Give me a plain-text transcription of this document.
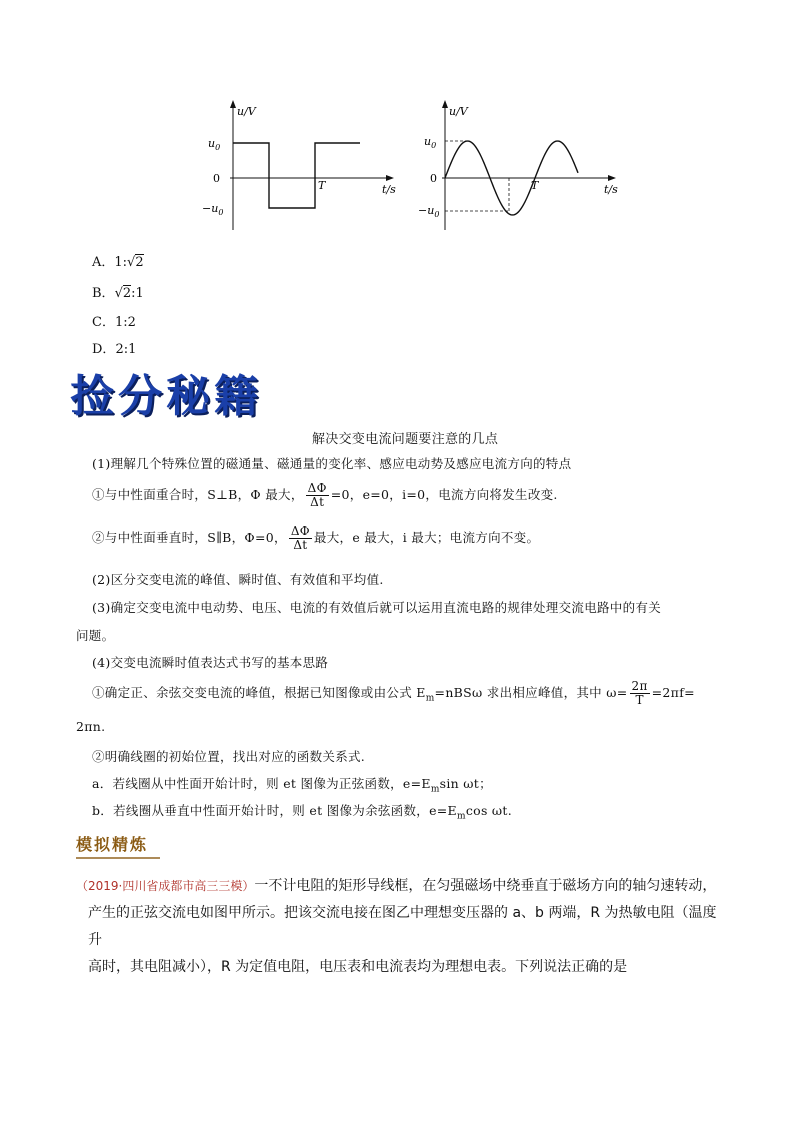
u/V
t/s
$u_0$
0
$-u_0$
T
u/V
t/s
$u_0$
0
$-u_0$
T
A．1:√2
B．√2:1
C．1:2
D．2:1
捡分秘籍
解决交变电流问题要注意的几点
(1)理解几个特殊位置的磁通量、磁通量的变化率、感应电动势及感应电流方向的特点
①与中性面重合时，S⊥B，Φ 最大， $\frac{\Delta\Phi}{\Delta t} =0$，e=0，i=0，电流方向将发生改变.
②与中性面垂直时，S∥B，Φ=0， $\frac{\Delta\Phi}{\Delta t}$ 最大，e 最大，i 最大；电流方向不变。
(2)区分交变电流的峰值、瞬时值、有效值和平均值.
(3)确定交变电流中电动势、电压、电流的有效值后就可以运用直流电路的规律处理交流电路中的有关
问题。
(4)交变电流瞬时值表达式书写的基本思路
①确定正、余弦交变电流的峰值，根据已知图像或由公式 $E_m=nBS\omega$ 求出相应峰值，其中 $\omega= \frac{2\pi}{T} =2\pi f=$
2πn.
②明确线圈的初始位置，找出对应的函数关系式.
a．若线圈从中性面开始计时，则 et 图像为正弦函数，$e=E_m\sin$ ωt；
b．若线圈从垂直中性面开始计时，则 et 图像为余弦函数，$e=E_m\cos$ ωt.
模拟精炼
（2019·四川省成都市高三三模）一不计电阻的矩形导线框，在匀强磁场中绕垂直于磁场方向的轴匀速转动，
产生的正弦交流电如图甲所示。把该交流电接在图乙中理想变压器的 a、b 两端，R 为热敏电阻（温度升
高时，其电阻减小），R 为定值电阻，电压表和电流表均为理想电表。下列说法正确的是
